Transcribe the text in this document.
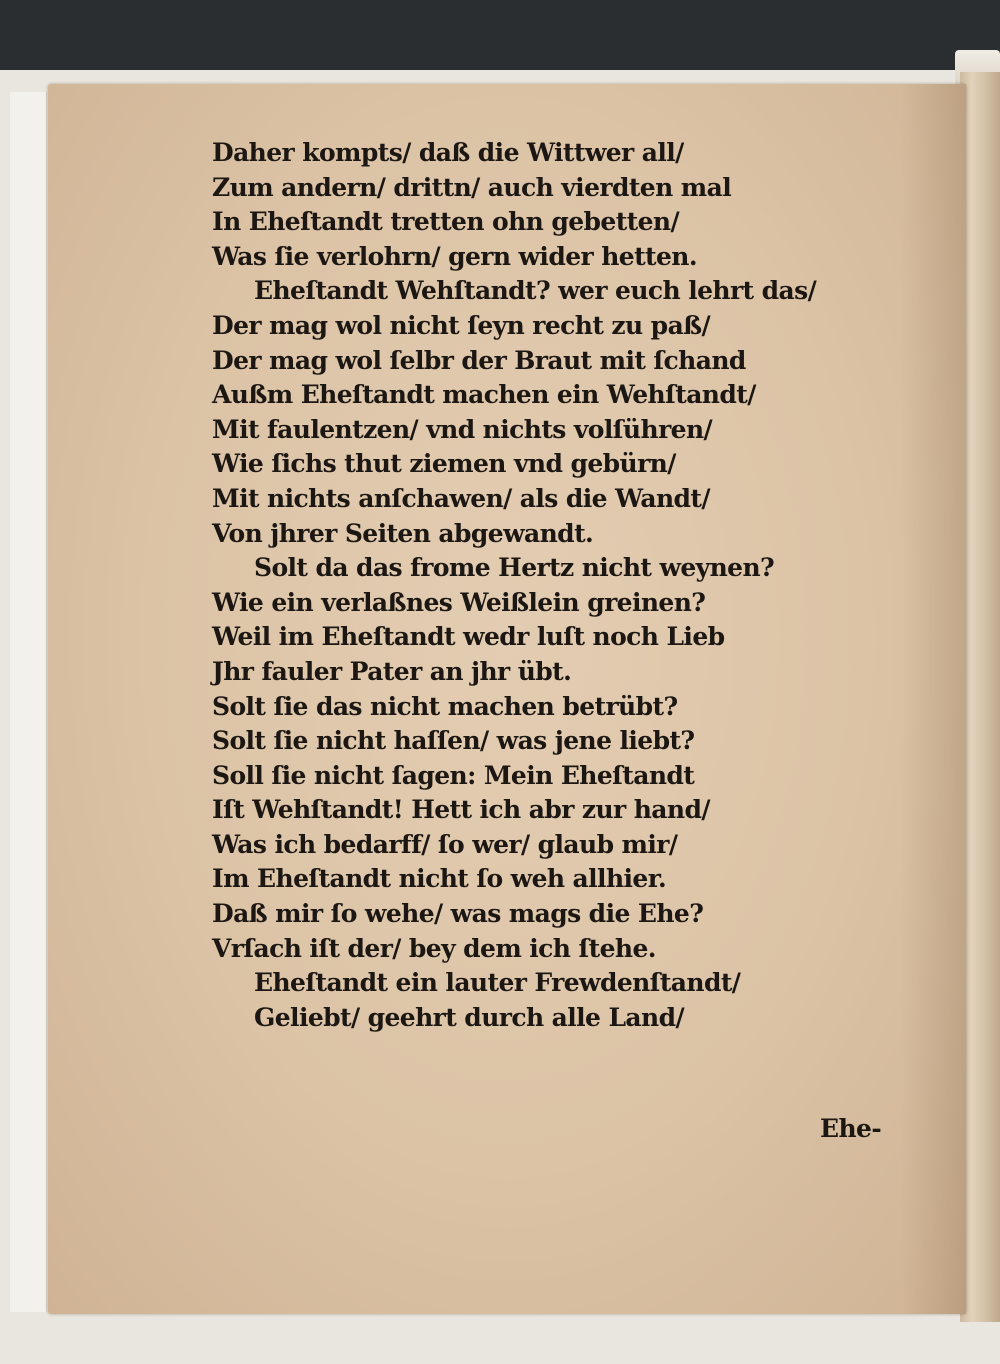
Daher kompts/ daß die Wittwer all/
Zum andern/ drittn/ auch vierdten mal
In Eheſtandt tretten ohn gebetten/
Was ſie verlohrn/ gern wider hetten.
Eheſtandt Wehſtandt? wer euch lehrt das/
Der mag wol nicht ſeyn recht zu paß/
Der mag wol ſelbr der Braut mit ſchand
Außm Eheſtandt machen ein Wehſtandt/
Mit faulentzen/ vnd nichts volſühren/
Wie ſichs thut ziemen vnd gebürn/
Mit nichts anſchawen/ als die Wandt/
Von jhrer Seiten abgewandt.
Solt da das frome Hertz nicht weynen?
Wie ein verlaßnes Weißlein greinen?
Weil im Eheſtandt wedr luſt noch Lieb
Jhr fauler Pater an jhr übt.
Solt ſie das nicht machen betrübt?
Solt ſie nicht haſſen/ was jene liebt?
Soll ſie nicht ſagen: Mein Eheſtandt
Iſt Wehſtandt! Hett ich abr zur hand/
Was ich bedarff/ ſo wer/ glaub mir/
Im Eheſtandt nicht ſo weh allhier.
Daß mir ſo wehe/ was mags die Ehe?
Vrſach iſt der/ bey dem ich ſtehe.
Eheſtandt ein lauter Frewdenſtandt/
Geliebt/ geehrt durch alle Land/
Ehe-
